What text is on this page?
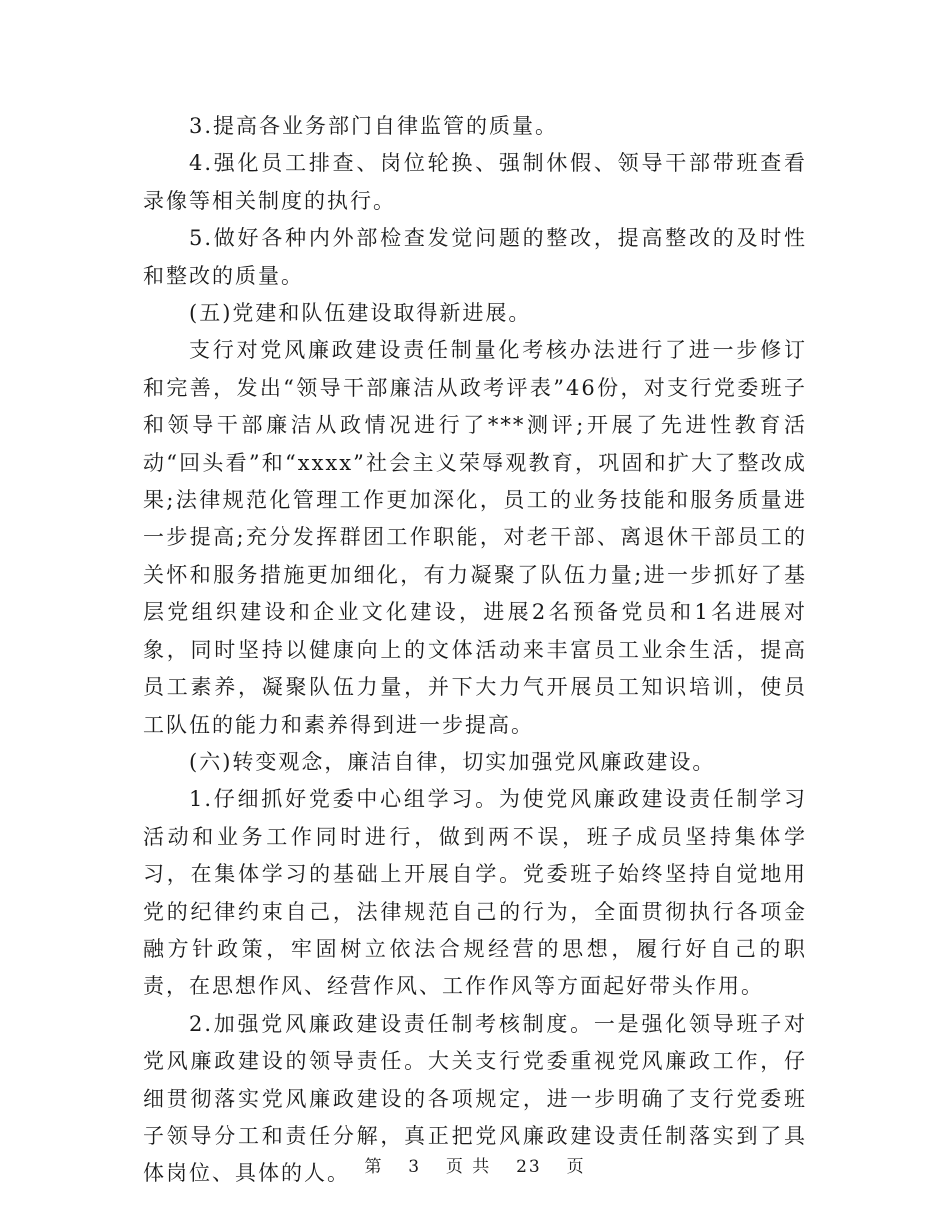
3.提高各业务部门自律监管的质量。

4.强化员工排查、岗位轮换、强制休假、领导干部带班查看录像等相关制度的执行。

5.做好各种内外部检查发觉问题的整改，提高整改的及时性和整改的质量。

(五)党建和队伍建设取得新进展。

支行对党风廉政建设责任制量化考核办法进行了进一步修订和完善，发出“领导干部廉洁从政考评表”46份，对支行党委班子和领导干部廉洁从政情况进行了***测评;开展了先进性教育活动“回头看”和“xxxx”社会主义荣辱观教育，巩固和扩大了整改成果;法律规范化管理工作更加深化，员工的业务技能和服务质量进一步提高;充分发挥群团工作职能，对老干部、离退休干部员工的关怀和服务措施更加细化，有力凝聚了队伍力量;进一步抓好了基层党组织建设和企业文化建设，进展2名预备党员和1名进展对象，同时坚持以健康向上的文体活动来丰富员工业余生活，提高员工素养，凝聚队伍力量，并下大力气开展员工知识培训，使员工队伍的能力和素养得到进一步提高。

(六)转变观念，廉洁自律，切实加强党风廉政建设。

1.仔细抓好党委中心组学习。为使党风廉政建设责任制学习活动和业务工作同时进行，做到两不误，班子成员坚持集体学习，在集体学习的基础上开展自学。党委班子始终坚持自觉地用党的纪律约束自己，法律规范自己的行为，全面贯彻执行各项金融方针政策，牢固树立依法合规经营的思想，履行好自己的职责，在思想作风、经营作风、工作作风等方面起好带头作用。

2.加强党风廉政建设责任制考核制度。一是强化领导班子对党风廉政建设的领导责任。大关支行党委重视党风廉政工作，仔细贯彻落实党风廉政建设的各项规定，进一步明确了支行党委班子领导分工和责任分解，真正把党风廉政建设责任制落实到了具体岗位、具体的人。 第 3 页 共 23 页
